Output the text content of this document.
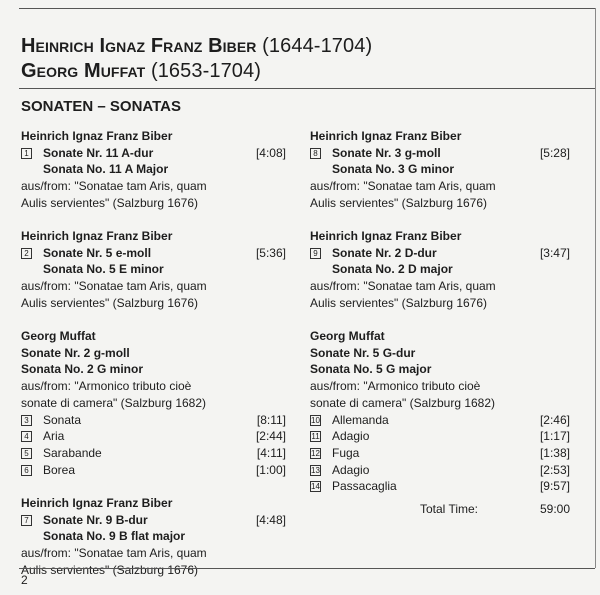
Heinrich Ignaz Franz Biber (1644-1704)
Georg Muffat (1653-1704)
SONATEN – SONATAS
Heinrich Ignaz Franz Biber
1 Sonate Nr. 11 A-dur	[4:08]
Sonata No. 11 A Major
aus/from: "Sonatae tam Aris, quam
Aulis servientes" (Salzburg 1676)
Heinrich Ignaz Franz Biber
2 Sonate Nr. 5 e-moll	[5:36]
Sonata No. 5 E minor
aus/from: "Sonatae tam Aris, quam
Aulis servientes" (Salzburg 1676)
Georg Muffat
Sonate Nr. 2 g-moll
Sonata No. 2 G minor
aus/from: "Armonico tributo cioè
sonate di camera" (Salzburg 1682)
3 Sonata	[8:11]
4 Aria	[2:44]
5 Sarabande	[4:11]
6 Borea	[1:00]
Heinrich Ignaz Franz Biber
7 Sonate Nr. 9 B-dur	[4:48]
Sonata No. 9 B flat major
aus/from: "Sonatae tam Aris, quam
Aulis servientes" (Salzburg 1676)
Heinrich Ignaz Franz Biber
8 Sonate Nr. 3 g-moll	[5:28]
Sonata No. 3 G minor
aus/from: "Sonatae tam Aris, quam
Aulis servientes" (Salzburg 1676)
Heinrich Ignaz Franz Biber
9 Sonate Nr. 2 D-dur	[3:47]
Sonata No. 2 D major
aus/from: "Sonatae tam Aris, quam
Aulis servientes" (Salzburg 1676)
Georg Muffat
Sonate Nr. 5 G-dur
Sonata No. 5 G major
aus/from: "Armonico tributo cioè
sonate di camera" (Salzburg 1682)
10 Allemanda	[2:46]
11 Adagio	[1:17]
12 Fuga	[1:38]
13 Adagio	[2:53]
14 Passacaglia	[9:57]
Total Time:	59:00
2
